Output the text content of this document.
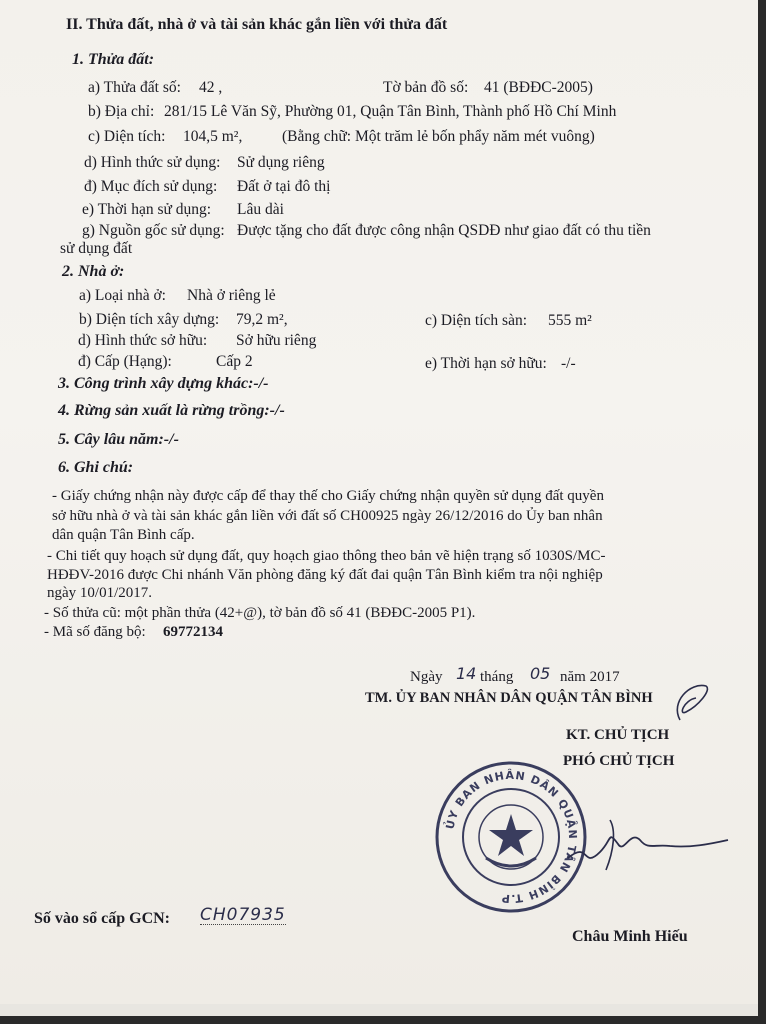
II. Thửa đất, nhà ở và tài sản khác gắn liền với thửa đất
1. Thửa đất:
a) Thửa đất số: 42 ,	Tờ bản đồ số: 41 (BĐĐC-2005)
b) Địa chỉ: 281/15 Lê Văn Sỹ, Phường 01, Quận Tân Bình, Thành phố Hồ Chí Minh
c) Diện tích: 104,5 m²,	(Bằng chữ: Một trăm lẻ bốn phẩy năm mét vuông)
d) Hình thức sử dụng: Sử dụng riêng
đ) Mục đích sử dụng: Đất ở tại đô thị
e) Thời hạn sử dụng: Lâu dài
g) Nguồn gốc sử dụng: Được tặng cho đất được công nhận QSDĐ như giao đất có thu tiền
sử dụng đất
2. Nhà ở:
a) Loại nhà ở: Nhà ở riêng lẻ
b) Diện tích xây dựng: 79,2 m²,	c) Diện tích sàn: 555 m²
d) Hình thức sở hữu: Sở hữu riêng
đ) Cấp (Hạng):	Cấp 2	e) Thời hạn sở hữu: -/-
3. Công trình xây dựng khác:-/-
4. Rừng sản xuất là rừng trồng:-/-
5. Cây lâu năm:-/-
6. Ghi chú:
- Giấy chứng nhận này được cấp để thay thế cho Giấy chứng nhận quyền sử dụng đất quyền
sở hữu nhà ở và tài sản khác gắn liền với đất số CH00925 ngày 26/12/2016 do Ủy ban nhân
dân quận Tân Bình cấp.
- Chi tiết quy hoạch sử dụng đất, quy hoạch giao thông theo bản vẽ hiện trạng số 1030S/MC-
HĐĐV-2016 được Chi nhánh Văn phòng đăng ký đất đai quận Tân Bình kiểm tra nội nghiệp
ngày 10/01/2017.
- Số thửa cũ: một phần thửa (42+@), tờ bản đồ số 41 (BĐĐC-2005 P1).
- Mã số đăng bộ: 69772134
Ngày 14 tháng 05 năm 2017
TM. ỦY BAN NHÂN DÂN QUẬN TÂN BÌNH
KT. CHỦ TỊCH
PHÓ CHỦ TỊCH
ỦY BAN NHÂN DÂN QUẬN TÂN BÌNH T.P
Số vào sổ cấp GCN: CH07935
Châu Minh Hiếu
